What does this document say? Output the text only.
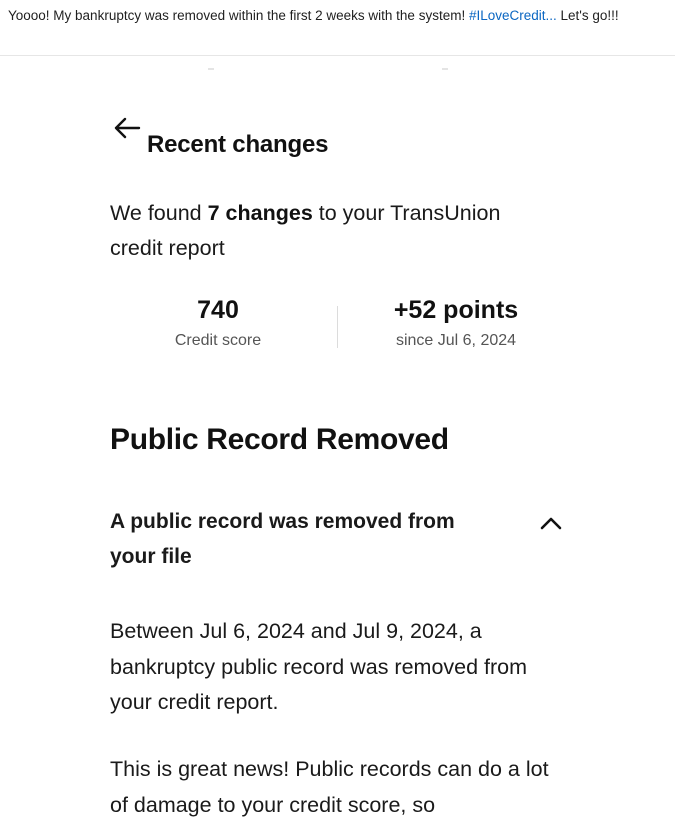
Yoooo! My bankruptcy was removed within the first 2 weeks with the system! #ILoveCredit... Let's go!!!
Recent changes
We found 7 changes to your TransUnion credit report
740
Credit score
+52 points
since Jul 6, 2024
Public Record Removed
A public record was removed from your file
Between Jul 6, 2024 and Jul 9, 2024, a bankruptcy public record was removed from your credit report.
This is great news! Public records can do a lot of damage to your credit score, so
